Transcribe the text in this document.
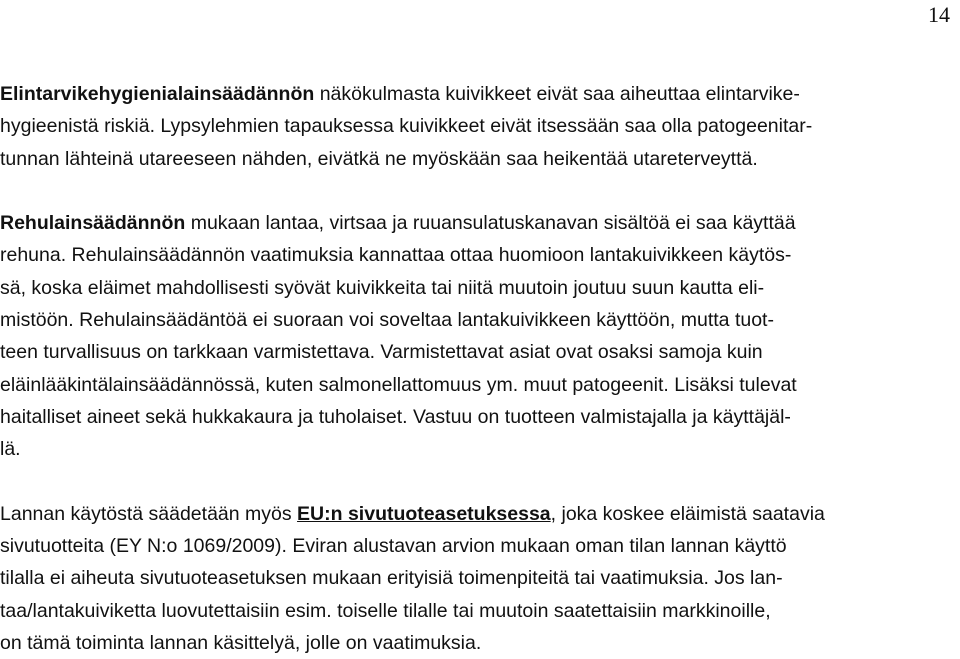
14
Elintarvikehygienialainsäädännön näkökulmasta kuivikkeet eivät saa aiheuttaa elintarvike-
hygieenistä riskiä. Lypsylehmien tapauksessa kuivikkeet eivät itsessään saa olla patogeenitar-
tunnan lähteinä utareeseen nähden, eivätkä ne myöskään saa heikentää utareterveyttä.
Rehulainsäädännön mukaan lantaa, virtsaa ja ruuansulatuskanavan sisältöä ei saa käyttää
rehuna. Rehulainsäädännön vaatimuksia kannattaa ottaa huomioon lantakuivikkeen käytös-
sä, koska eläimet mahdollisesti syövät kuivikkeita tai niitä muutoin joutuu suun kautta eli-
mistöön. Rehulainsäädäntöä ei suoraan voi soveltaa lantakuivikkeen käyttöön, mutta tuot-
teen turvallisuus on tarkkaan varmistettava. Varmistettavat asiat ovat osaksi samoja kuin
eläinlääkintälainsäädännössä, kuten salmonellattomuus ym. muut patogeenit. Lisäksi tulevat
haitalliset aineet sekä hukkakaura ja tuholaiset. Vastuu on tuotteen valmistajalla ja käyttäjäl-
lä.
Lannan käytöstä säädetään myös EU:n sivutuoteasetuksessa, joka koskee eläimistä saatavia
sivutuotteita (EY N:o 1069/2009). Eviran alustavan arvion mukaan oman tilan lannan käyttö
tilalla ei aiheuta sivutuoteasetuksen mukaan erityisiä toimenpiteitä tai vaatimuksia. Jos lan-
taa/lantakuiviketta luovutettaisiin esim. toiselle tilalle tai muutoin saatettaisiin markkinoille,
on tämä toiminta lannan käsittelyä, jolle on vaatimuksia.
